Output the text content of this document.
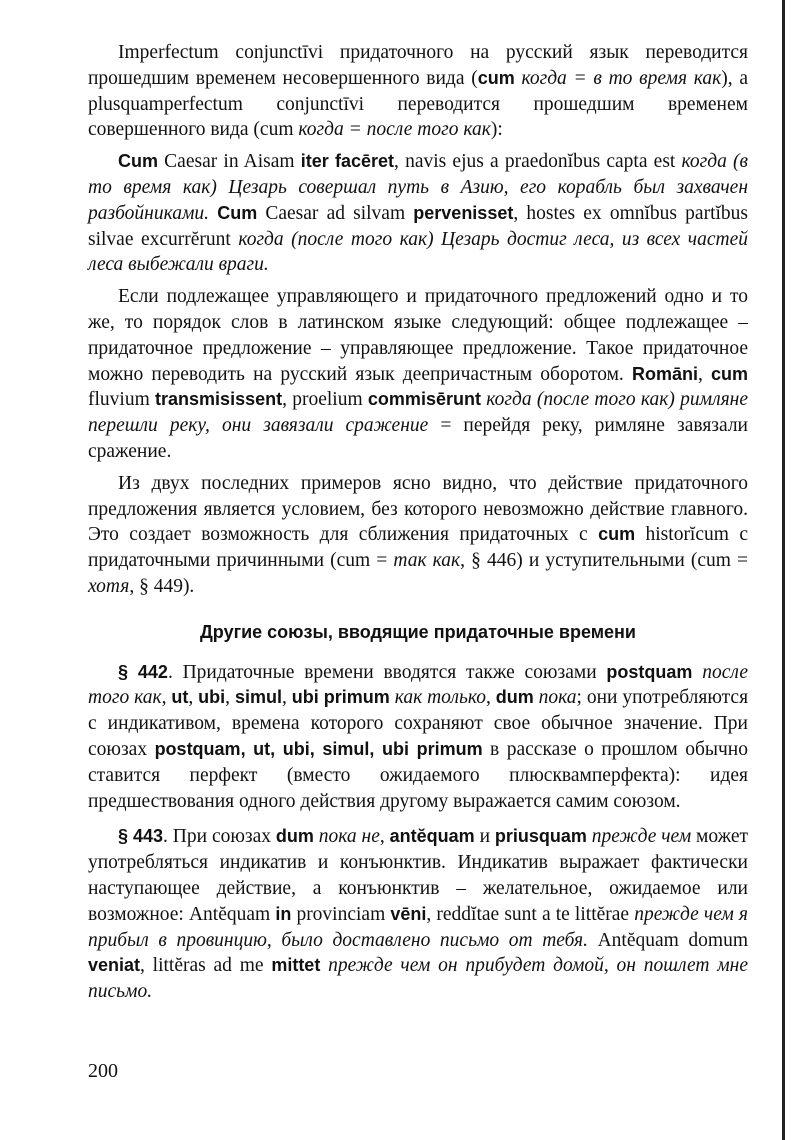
Imperfectum conjunctīvi придаточного на русский язык переводится прошедшим временем несовершенного вида (cum когда = в то время как), а plusquamperfectum conjunctīvi переводится прошедшим временем совершенного вида (cum когда = после того как):

Cum Caesar in Aisam iter facēret, navis ejus a praedonĭbus capta est когда (в то время как) Цезарь совершал путь в Азию, его корабль был захвачен разбойниками. Cum Caesar ad silvam pervenisset, hostes ex omnĭbus partĭbus silvae excurrĕrunt когда (после того как) Цезарь достиг леса, из всех частей леса выбежали враги.

Если подлежащее управляющего и придаточного предложений одно и то же, то порядок слов в латинском языке следующий: общее подлежащее – придаточное предложение – управляющее предложение. Такое придаточное можно переводить на русский язык деепричастным оборотом. Romāni, cum fluvium transmisissent, proelium commisērunt когда (после того как) римляне перешли реку, они завязали сражение = перейдя реку, римляне завязали сражение.

Из двух последних примеров ясно видно, что действие придаточного предложения является условием, без которого невозможно действие главного. Это создает возможность для сближения придаточных с cum historĭcum с придаточными причинными (cum = так как, § 446) и уступительными (cum = хотя, § 449).

Другие союзы, вводящие придаточные времени

§ 442. Придаточные времени вводятся также союзами postquam после того как, ut, ubi, simul, ubi primum как только, dum пока; они употребляются с индикативом, времена которого сохраняют свое обычное значение. При союзах postquam, ut, ubi, simul, ubi primum в рассказе о прошлом обычно ставится перфект (вместо ожидаемого плюсквамперфекта): идея предшествования одного действия другому выражается самим союзом.

§ 443. При союзах dum пока не, antĕquam и priusquam прежде чем может употребляться индикатив и конъюнктив. Индикатив выражает фактически наступающее действие, а конъюнктив – желательное, ожидаемое или возможное: Antĕquam in provinciam vēni, reddĭtae sunt a te littĕrae прежде чем я прибыл в провинцию, было доставлено письмо от тебя. Antĕquam domum veniat, littĕras ad me mittet прежде чем он прибудет домой, он пошлет мне письмо.

200
